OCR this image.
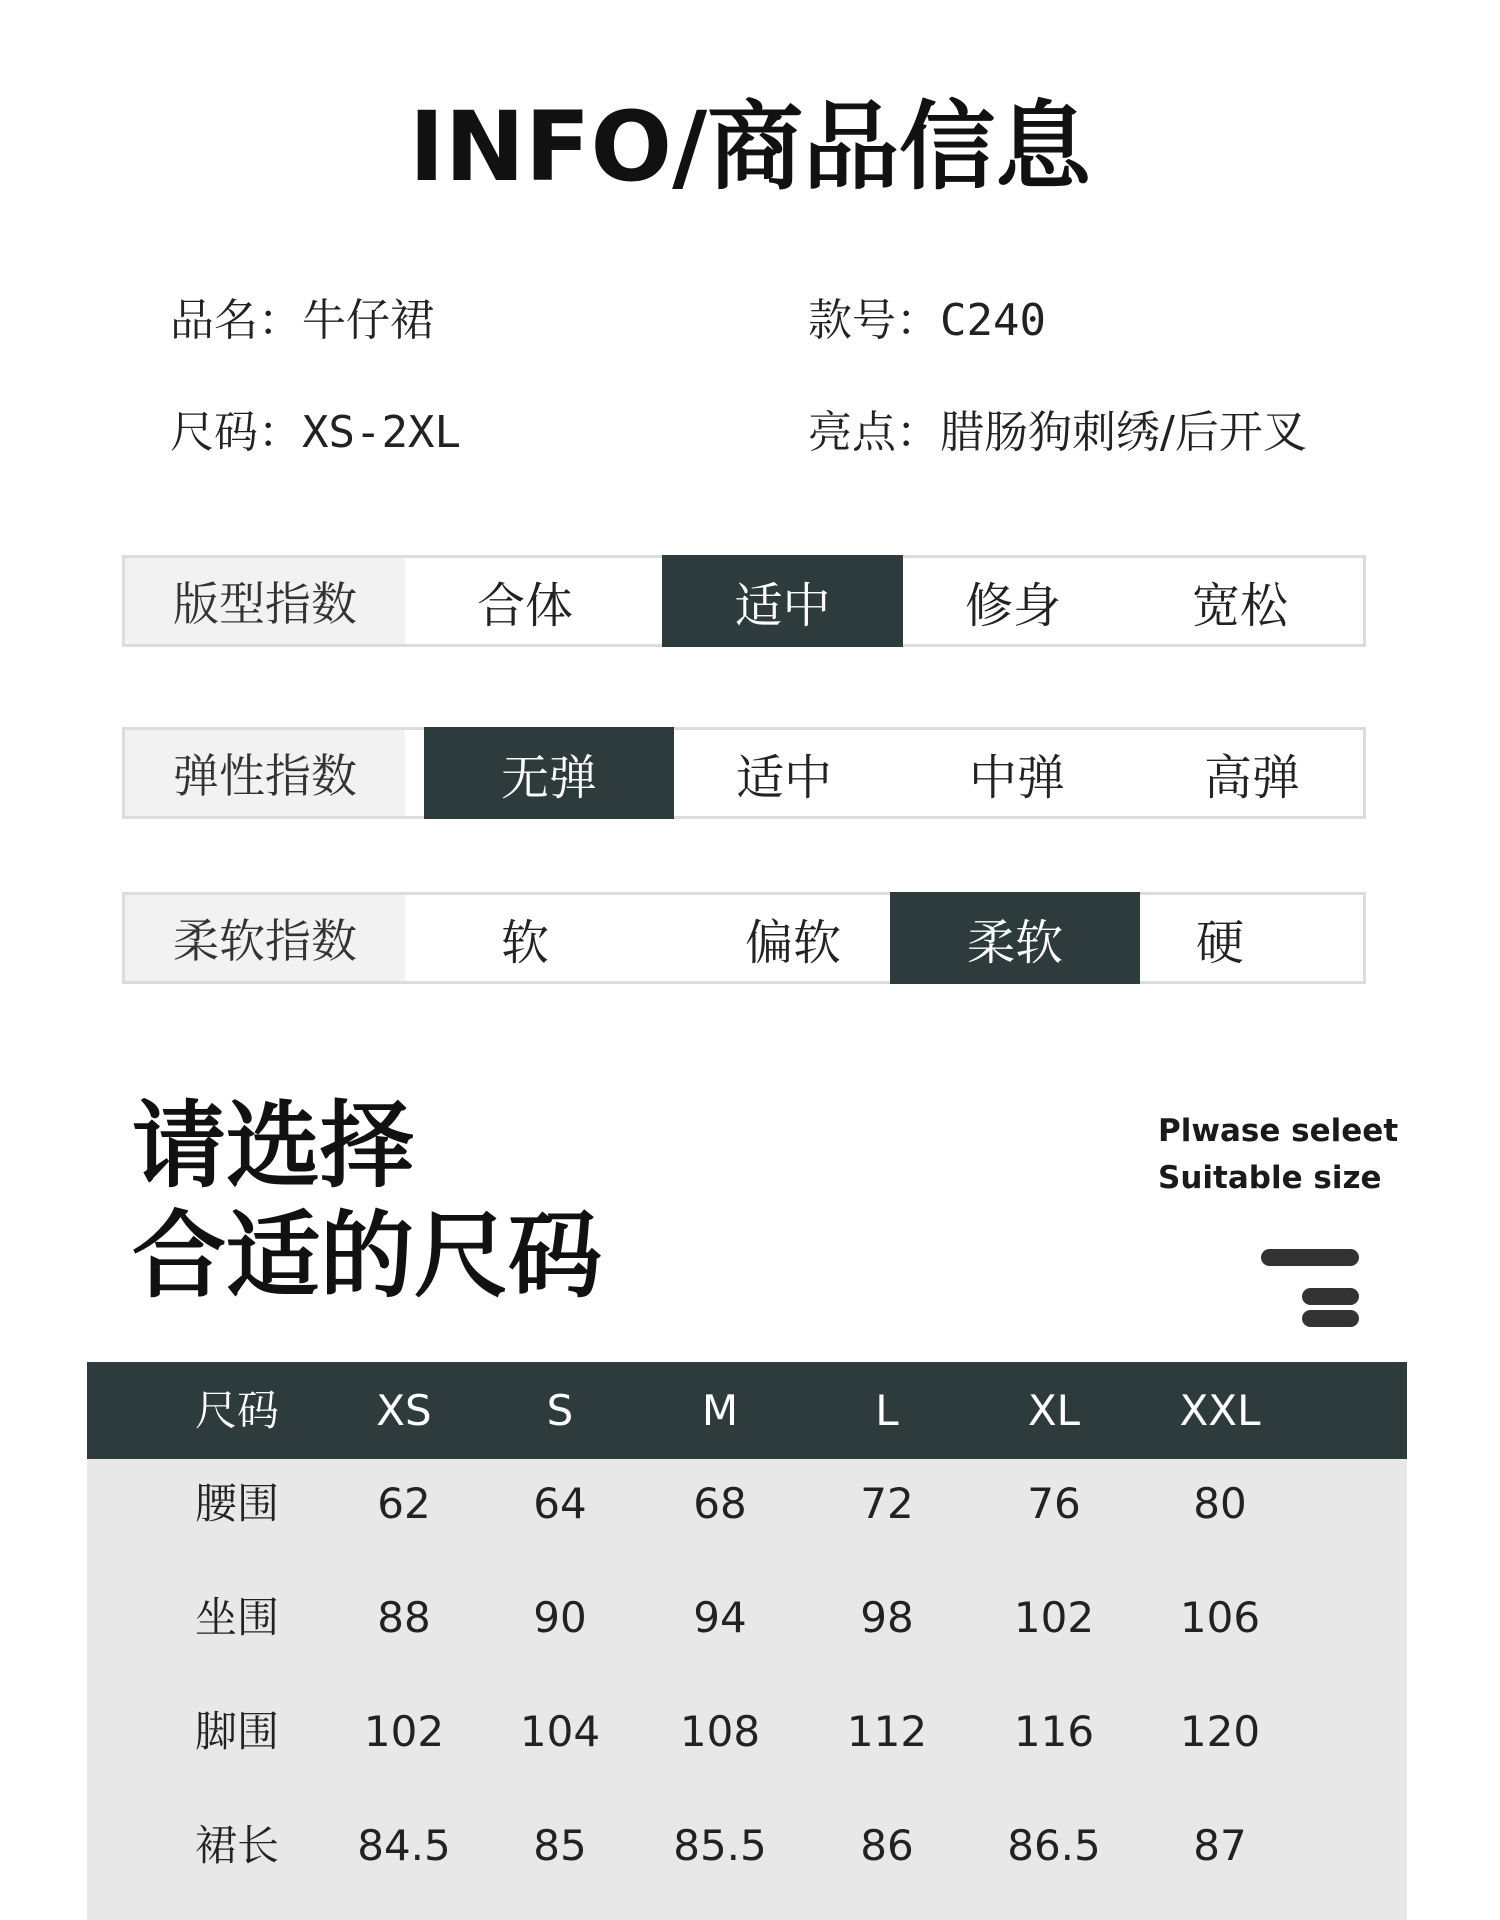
INFO/商品信息
品名：牛仔裙	款号：C240
尺码：XS-2XL	亮点：腊肠狗刺绣/后开叉
版型指数	合体	适中	修身	宽松
弹性指数	无弹	适中	中弹	高弹
柔软指数	软	偏软	柔软	硬
请选择
合适的尺码
Plwase seleet
Suitable size
尺码 XS	S	M	L	XL XXL
腰围 62 64	68	72	76	80
坐围 88 90	94	98 102 106
脚围 102 104 108 112 116 120
裙长 84.5 85 85.5 86 86.5 87
